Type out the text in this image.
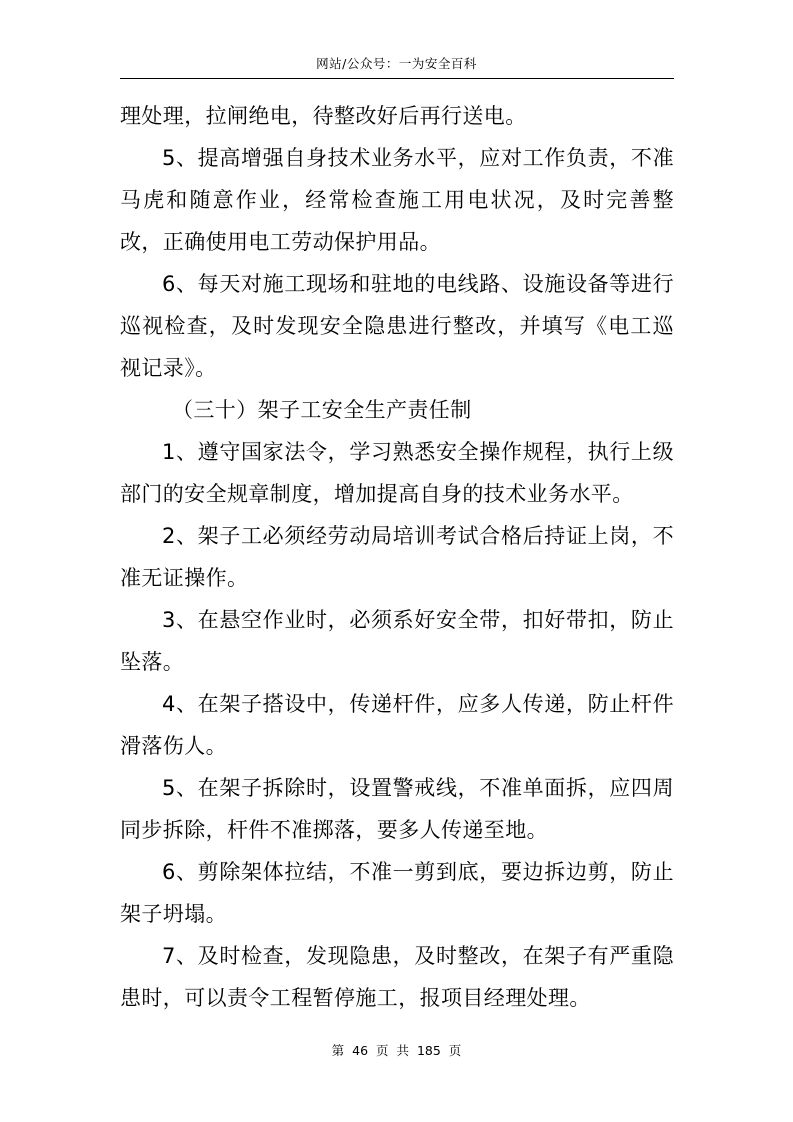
网站/公众号：一为安全百科

理处理，拉闸绝电，待整改好后再行送电。

5、提高增强自身技术业务水平，应对工作负责，不准马虎和随意作业，经常检查施工用电状况，及时完善整改，正确使用电工劳动保护用品。

6、每天对施工现场和驻地的电线路、设施设备等进行巡视检查，及时发现安全隐患进行整改，并填写《电工巡视记录》。

（三十）架子工安全生产责任制

1、遵守国家法令，学习熟悉安全操作规程，执行上级部门的安全规章制度，增加提高自身的技术业务水平。

2、架子工必须经劳动局培训考试合格后持证上岗，不准无证操作。

3、在悬空作业时，必须系好安全带，扣好带扣，防止坠落。

4、在架子搭设中，传递杆件，应多人传递，防止杆件滑落伤人。

5、在架子拆除时，设置警戒线，不准单面拆，应四周同步拆除，杆件不准掷落，要多人传递至地。

6、剪除架体拉结，不准一剪到底，要边拆边剪，防止架子坍塌。

7、及时检查，发现隐患，及时整改，在架子有严重隐患时，可以责令工程暂停施工，报项目经理处理。

第 46 页 共 185 页
